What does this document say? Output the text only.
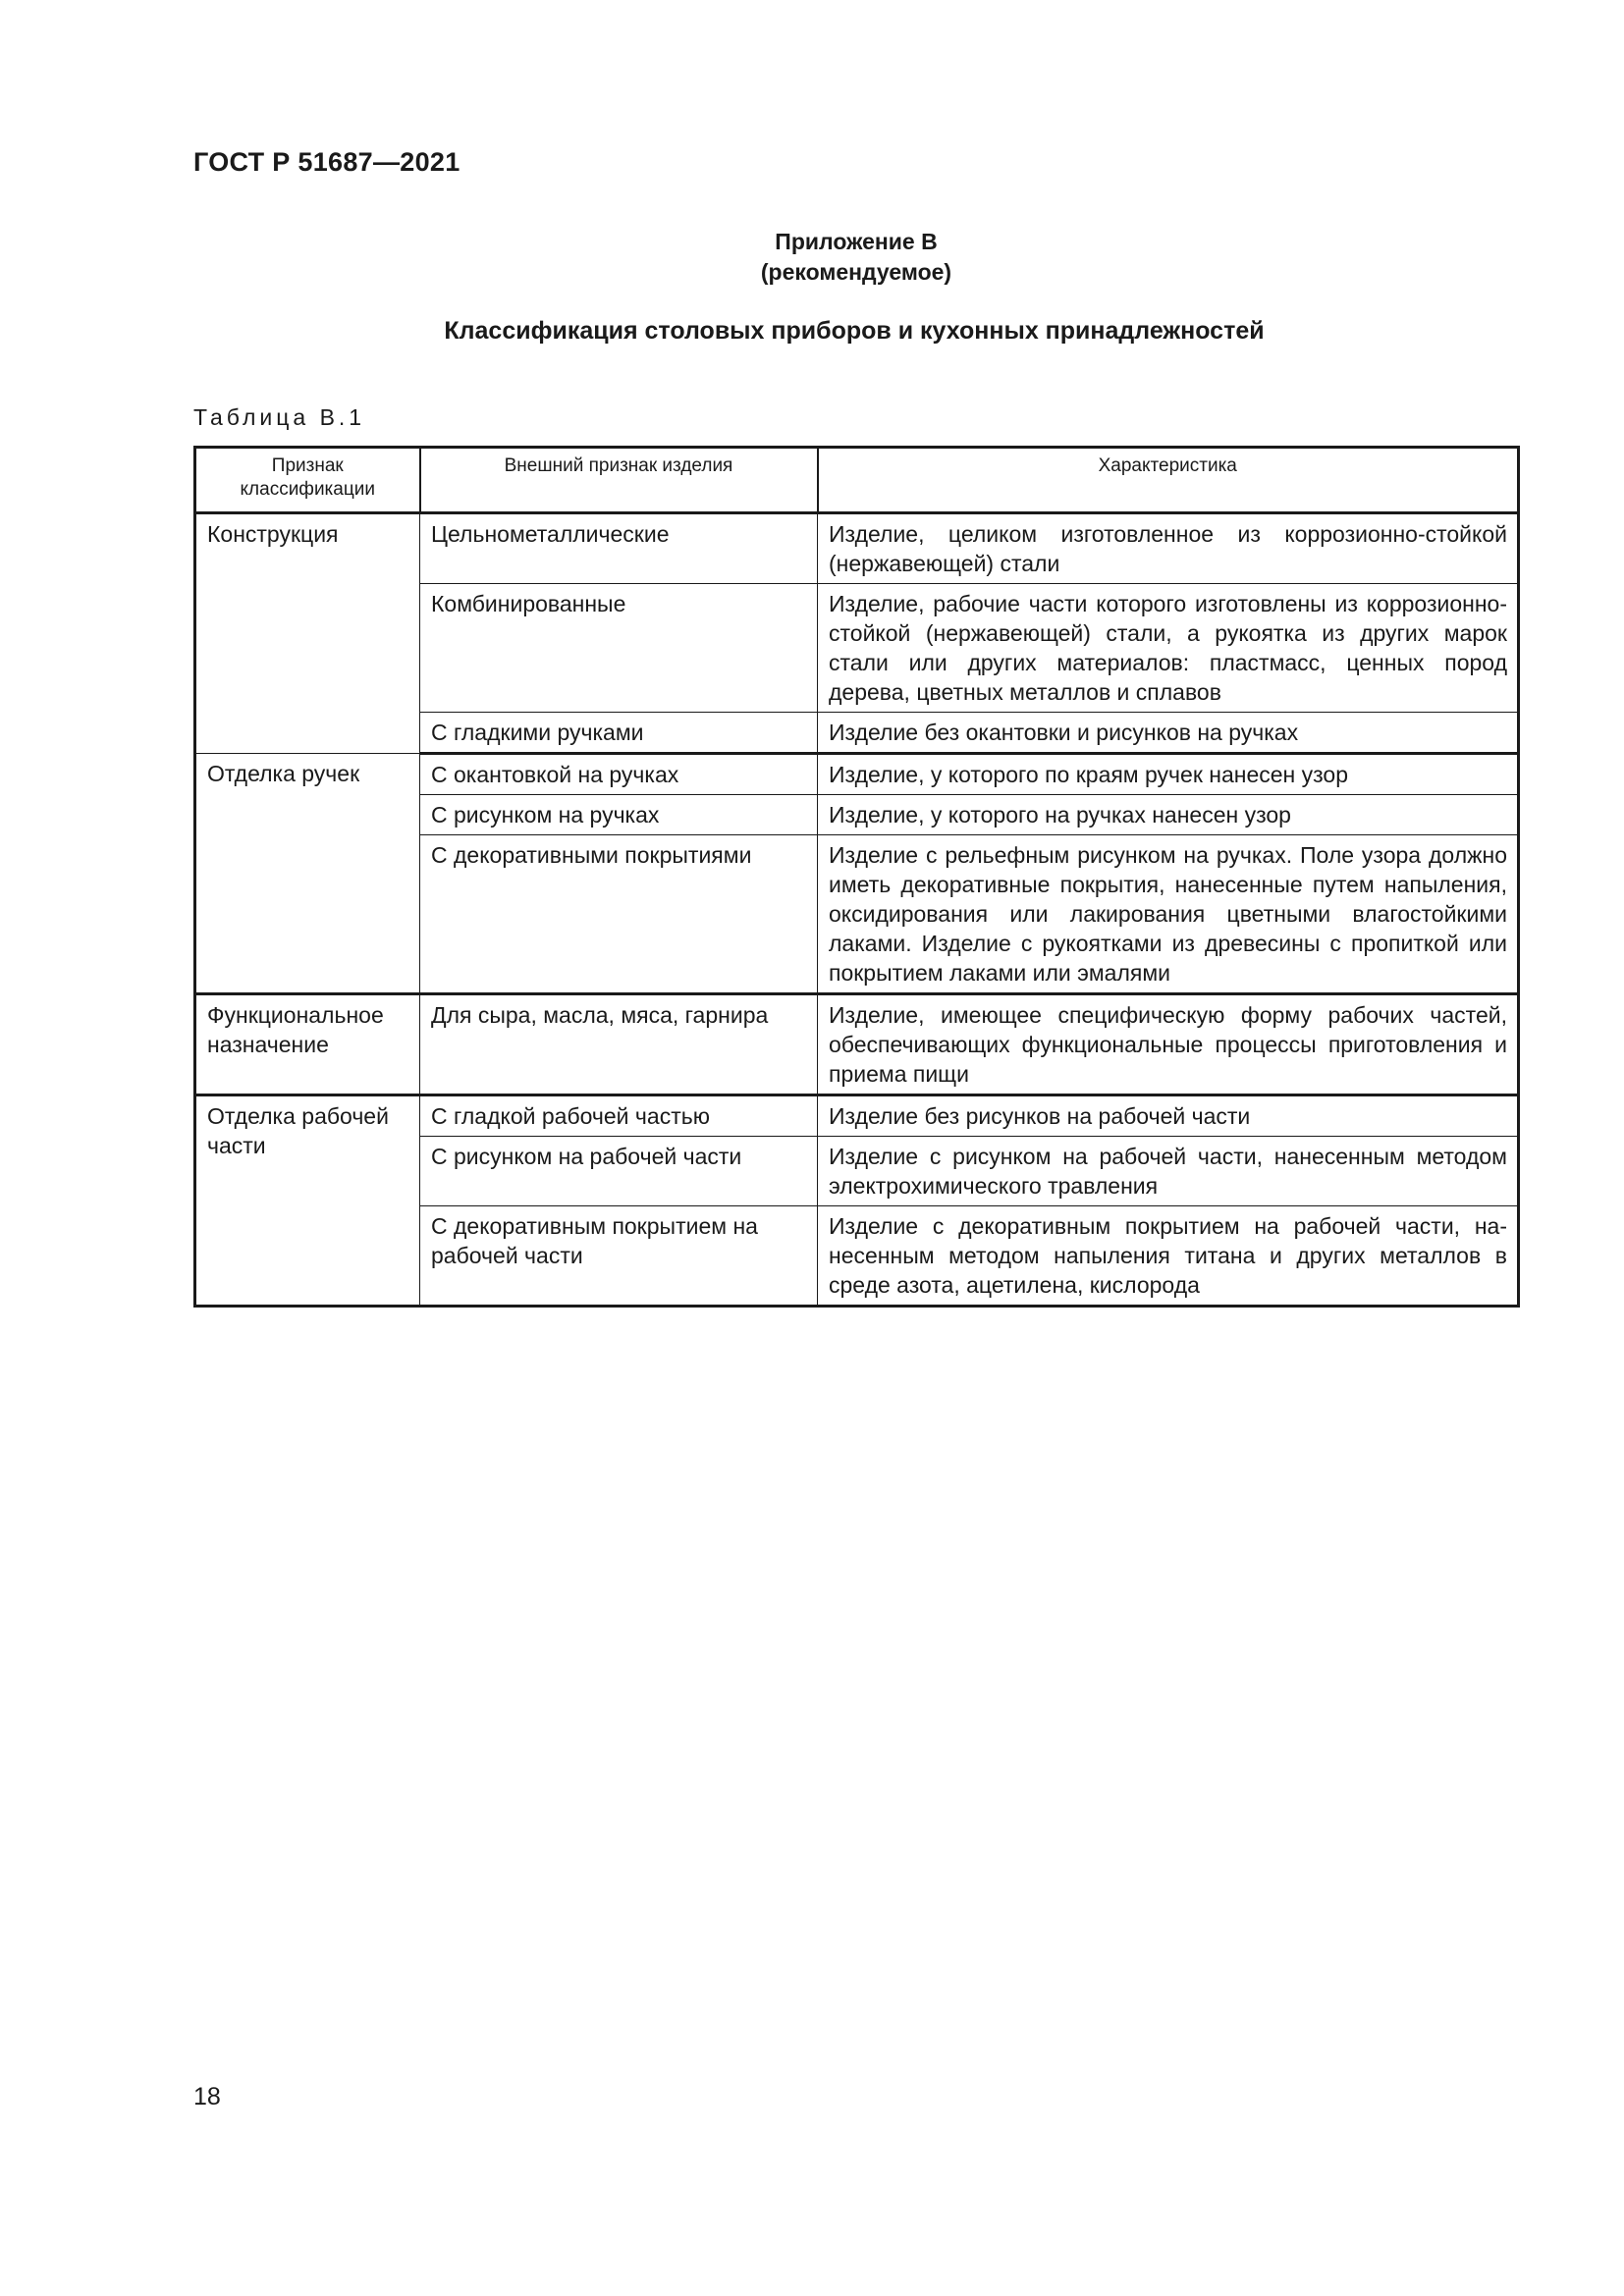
ГОСТ Р 51687—2021
Приложение В
(рекомендуемое)
Классификация столовых приборов и кухонных принадлежностей
Таблица В.1
Признак классификации	Внешний признак изделия	Характеристика
Конструкция	Цельнометаллические	Изделие, целиком изготовленное из коррозионно-стойкой (нержавеющей) стали
	Комбинированные	Изделие, рабочие части которого изготовлены из коррозионно-стойкой (нержавеющей) стали, а рукоятка из других марок стали или других материалов: пластмасс, ценных пород дерева, цветных металлов и сплавов
	С гладкими ручками	Изделие без окантовки и рисунков на ручках
Отделка ручек	С окантовкой на ручках	Изделие, у которого по краям ручек нанесен узор
	С рисунком на ручках	Изделие, у которого на ручках нанесен узор
	С декоративными покрытиями	Изделие с рельефным рисунком на ручках. Поле узора должно иметь декоративные покрытия, нанесенные путем напыления, оксидирования или лакирования цветными влагостойкими лаками. Изделие с рукоятками из древесины с пропиткой или покрытием лаками или эмалями
Функциональное назначение	Для сыра, масла, мяса, гарнира	Изделие, имеющее специфическую форму рабочих частей, обеспечивающих функциональные процессы приготовления и приема пищи
Отделка рабочей части	С гладкой рабочей частью	Изделие без рисунков на рабочей части
	С рисунком на рабочей части	Изделие с рисунком на рабочей части, нанесенным методом электрохимического травления
	С декоративным покрытием на рабочей части	Изделие с декоративным покрытием на рабочей части, нанесенным методом напыления титана и других металлов в среде азота, ацетилена, кислорода
18
